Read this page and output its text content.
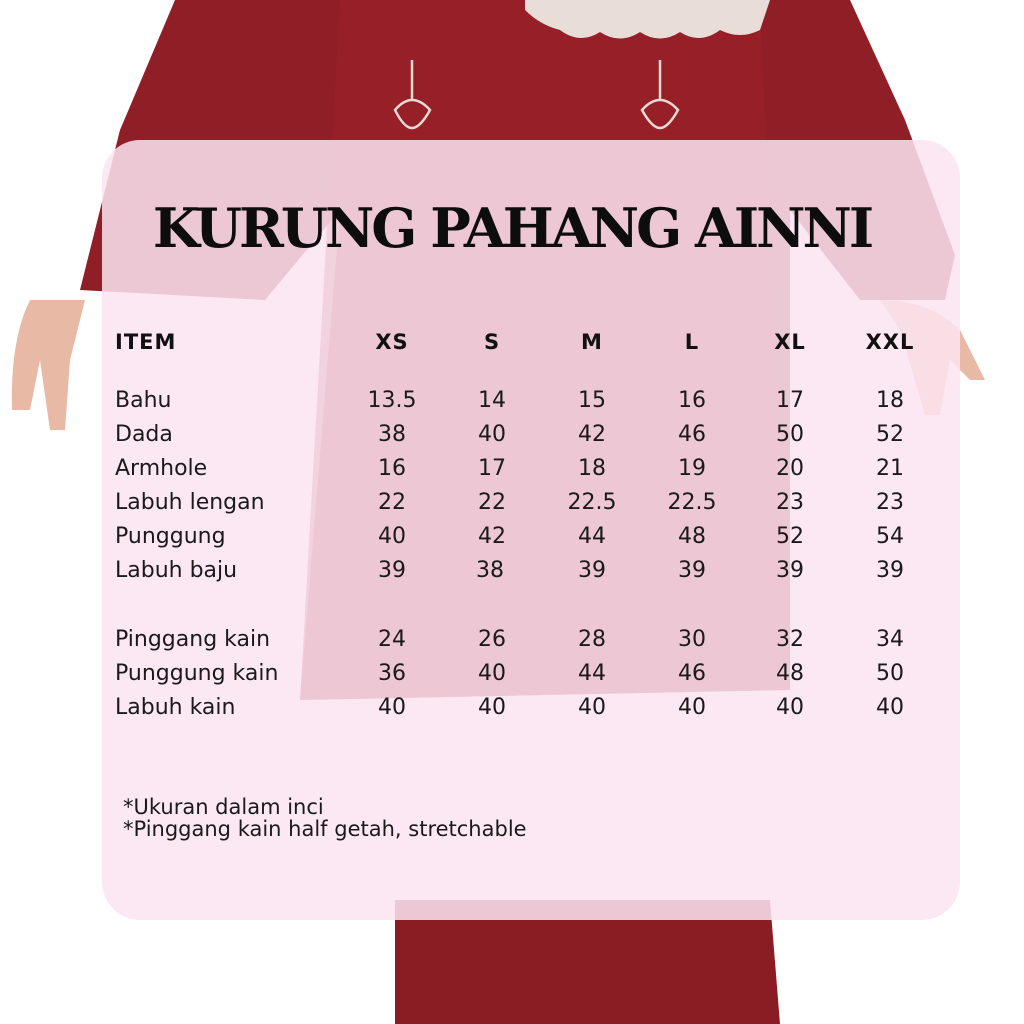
KURUNG PAHANG AINNI
ITEM	XS	S	M	L	XL	XXL
Bahu	13.5	14	15	16	17	18
Dada	38	40	42	46	50	52
Armhole	16	17	18	19	20	21
Labuh lengan	22	22	22.5	22.5	23	23
Punggung	40	42	44	48	52	54
Labuh baju	39	38	39	39	39	39
Pinggang kain	24	26	28	30	32	34
Punggung kain	36	40	44	46	48	50
Labuh kain	40	40	40	40	40	40
*Ukuran dalam inci
*Pinggang kain half getah, stretchable
